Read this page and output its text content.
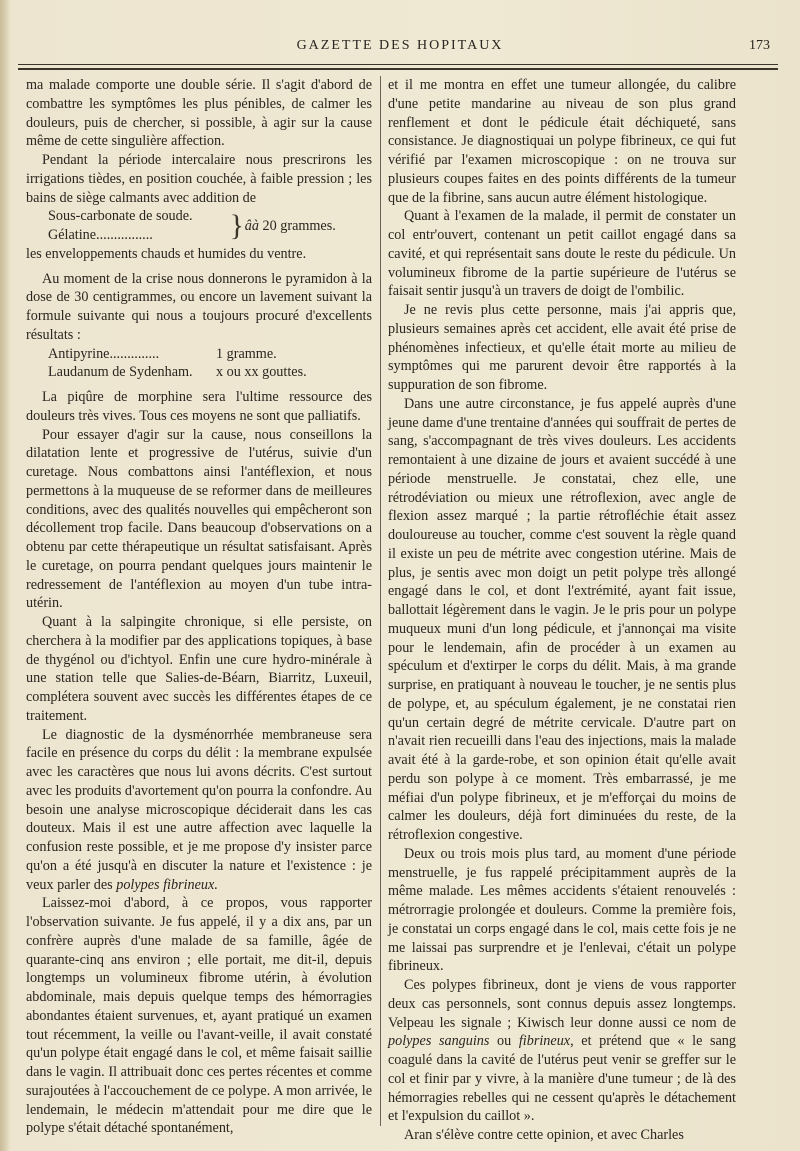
GAZETTE DES HOPITAUX	173

ma malade comporte une double série. Il s'agit d'abord de combattre les symptômes les plus pénibles, de calmer les douleurs, puis de chercher, si possible, à agir sur la cause même de cette singulière affection.

Pendant la période intercalaire nous prescrirons les irrigations tièdes, en position couchée, à faible pression ; les bains de siège calmants avec addition de

Sous-carbonate de soude.
Gélatine................	} âà 20 grammes.

les enveloppements chauds et humides du ventre.

Au moment de la crise nous donnerons le pyramidon à la dose de 30 centigrammes, ou encore un lavement suivant la formule suivante qui nous a toujours procuré d'excellents résultats :

Antipyrine..............	1 gramme.
Laudanum de Sydenham.	x ou xx gouttes.

La piqûre de morphine sera l'ultime ressource des douleurs très vives. Tous ces moyens ne sont que palliatifs.

Pour essayer d'agir sur la cause, nous conseillons la dilatation lente et progressive de l'utérus, suivie d'un curetage. Nous combattons ainsi l'antéflexion, et nous permettons à la muqueuse de se reformer dans de meilleures conditions, avec des qualités nouvelles qui empêcheront son décollement trop facile. Dans beaucoup d'observations on a obtenu par cette thérapeutique un résultat satisfaisant. Après le curetage, on pourra pendant quelques jours maintenir le redressement de l'antéflexion au moyen d'un tube intra-utérin.

Quant à la salpingite chronique, si elle persiste, on cherchera à la modifier par des applications topiques, à base de thygénol ou d'ichtyol. Enfin une cure hydro-minérale à une station telle que Salies-de-Béarn, Biarritz, Luxeuil, complétera souvent avec succès les différentes étapes de ce traitement.

Le diagnostic de la dysménorrhée membraneuse sera facile en présence du corps du délit : la membrane expulsée avec les caractères que nous lui avons décrits. C'est surtout avec les produits d'avortement qu'on pourra la confondre. Au besoin une analyse microscopique déciderait dans les cas douteux. Mais il est une autre affection avec laquelle la confusion reste possible, et je me propose d'y insister parce qu'on a été jusqu'à en discuter la nature et l'existence : je veux parler des polypes fibrineux.

Laissez-moi d'abord, à ce propos, vous rapporter l'observation suivante. Je fus appelé, il y a dix ans, par un confrère auprès d'une malade de sa famille, âgée de quarante-cinq ans environ ; elle portait, me dit-il, depuis longtemps un volumineux fibrome utérin, à évolution abdominale, mais depuis quelque temps des hémorragies abondantes étaient survenues, et, ayant pratiqué un examen tout récemment, la veille ou l'avant-veille, il avait constaté qu'un polype était engagé dans le col, et même faisait saillie dans le vagin. Il attribuait donc ces pertes récentes et comme surajoutées à l'accouchement de ce polype. A mon arrivée, le lendemain, le médecin m'attendait pour me dire que le polype s'était détaché spontanément,

et il me montra en effet une tumeur allongée, du calibre d'une petite mandarine au niveau de son plus grand renflement et dont le pédicule était déchiqueté, sans consistance. Je diagnostiquai un polype fibrineux, ce qui fut vérifié par l'examen microscopique : on ne trouva sur plusieurs coupes faites en des points différents de la tumeur que de la fibrine, sans aucun autre élément histologique.

Quant à l'examen de la malade, il permit de constater un col entr'ouvert, contenant un petit caillot engagé dans sa cavité, et qui représentait sans doute le reste du pédicule. Un volumineux fibrome de la partie supérieure de l'utérus se faisait sentir jusqu'à un travers de doigt de l'ombilic.

Je ne revis plus cette personne, mais j'ai appris que, plusieurs semaines après cet accident, elle avait été prise de phénomènes infectieux, et qu'elle était morte au milieu de symptômes qui me parurent devoir être rapportés à la suppuration de son fibrome.

Dans une autre circonstance, je fus appelé auprès d'une jeune dame d'une trentaine d'années qui souffrait de pertes de sang, s'accompagnant de très vives douleurs. Les accidents remontaient à une dizaine de jours et avaient succédé à une période menstruelle. Je constatai, chez elle, une rétrodéviation ou mieux une rétroflexion, avec angle de flexion assez marqué ; la partie rétrofléchie était assez douloureuse au toucher, comme c'est souvent la règle quand il existe un peu de métrite avec congestion utérine. Mais de plus, je sentis avec mon doigt un petit polype très allongé engagé dans le col, et dont l'extrémité, ayant fait issue, ballottait légèrement dans le vagin. Je le pris pour un polype muqueux muni d'un long pédicule, et j'annonçai ma visite pour le lendemain, afin de procéder à un examen au spéculum et d'extirper le corps du délit. Mais, à ma grande surprise, en pratiquant à nouveau le toucher, je ne sentis plus de polype, et, au spéculum également, je ne constatai rien qu'un certain degré de métrite cervicale. D'autre part on n'avait rien recueilli dans l'eau des injections, mais la malade avait été à la garde-robe, et son opinion était qu'elle avait perdu son polype à ce moment. Très embarrassé, je me méfiai d'un polype fibrineux, et je m'efforçai du moins de calmer les douleurs, déjà fort diminuées du reste, de la rétroflexion congestive.

Deux ou trois mois plus tard, au moment d'une période menstruelle, je fus rappelé précipitamment auprès de la même malade. Les mêmes accidents s'étaient renouvelés : métrorragie prolongée et douleurs. Comme la première fois, je constatai un corps engagé dans le col, mais cette fois je ne me laissai pas surprendre et je l'enlevai, c'était un polype fibrineux.

Ces polypes fibrineux, dont je viens de vous rapporter deux cas personnels, sont connus depuis assez longtemps. Velpeau les signale ; Kiwisch leur donne aussi ce nom de polypes sanguins ou fibrineux, et prétend que « le sang coagulé dans la cavité de l'utérus peut venir se greffer sur le col et finir par y vivre, à la manière d'une tumeur ; de là des hémorragies rebelles qui ne cessent qu'après le détachement et l'expulsion du caillot ».

Aran s'élève contre cette opinion, et avec Charles
